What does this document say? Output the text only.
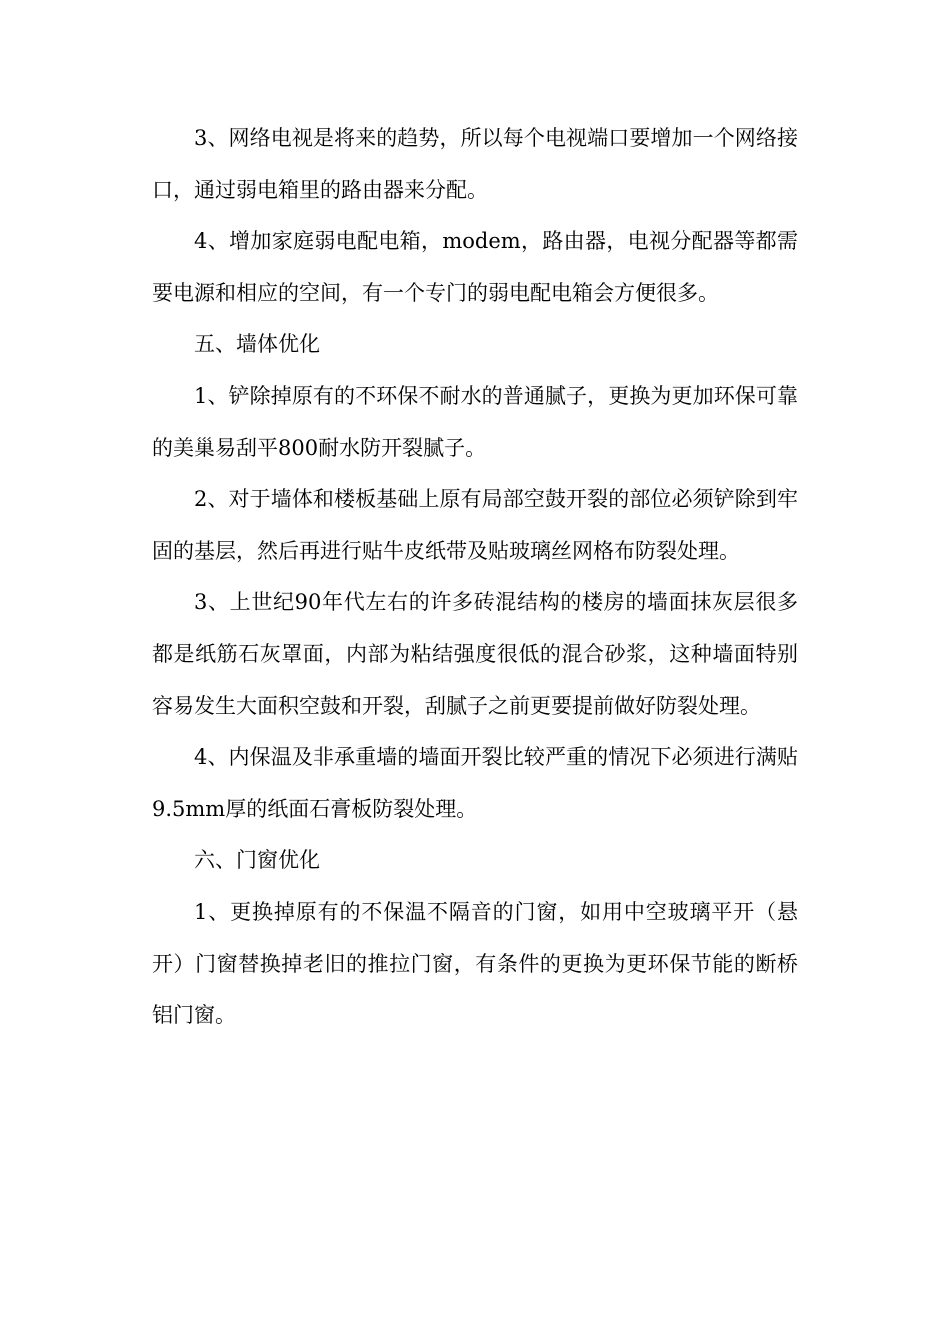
3、网络电视是将来的趋势，所以每个电视端口要增加一个网络接口，通过弱电箱里的路由器来分配。

4、增加家庭弱电配电箱，modem，路由器，电视分配器等都需要电源和相应的空间，有一个专门的弱电配电箱会方便很多。

五、墙体优化

1、铲除掉原有的不环保不耐水的普通腻子，更换为更加环保可靠的美巢易刮平800耐水防开裂腻子。

2、对于墙体和楼板基础上原有局部空鼓开裂的部位必须铲除到牢固的基层，然后再进行贴牛皮纸带及贴玻璃丝网格布防裂处理。

3、上世纪90年代左右的许多砖混结构的楼房的墙面抹灰层很多都是纸筋石灰罩面，内部为粘结强度很低的混合砂浆，这种墙面特别容易发生大面积空鼓和开裂，刮腻子之前更要提前做好防裂处理。

4、内保温及非承重墙的墙面开裂比较严重的情况下必须进行满贴9.5mm厚的纸面石膏板防裂处理。

六、门窗优化

1、更换掉原有的不保温不隔音的门窗，如用中空玻璃平开（悬开）门窗替换掉老旧的推拉门窗，有条件的更换为更环保节能的断桥铝门窗。
